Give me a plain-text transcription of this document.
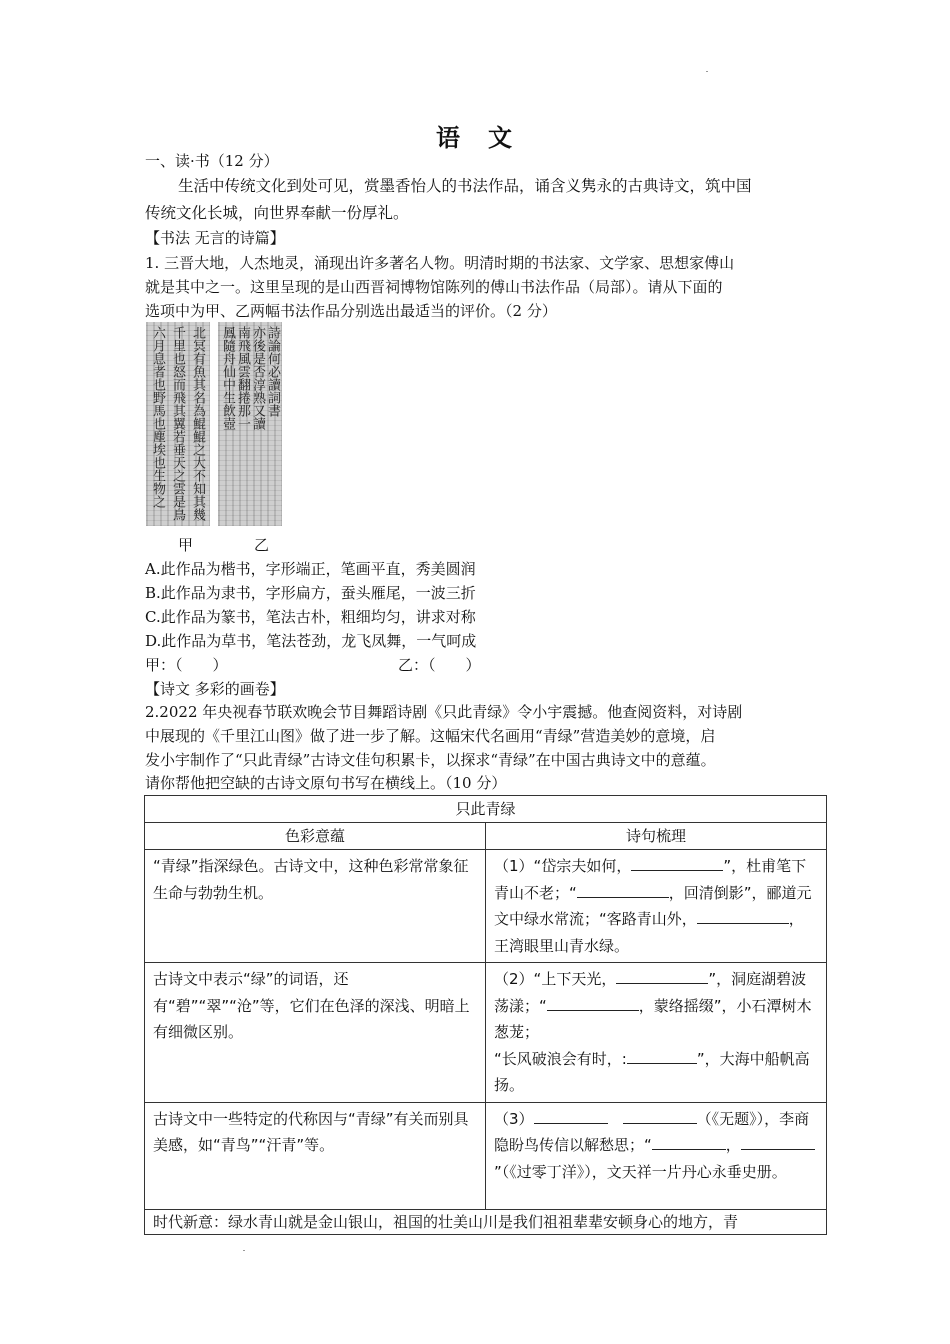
语　文
一、读·书（12 分）
生活中传统文化到处可见，赏墨香怡人的书法作品，诵含义隽永的古典诗文，筑中国
传统文化长城，向世界奉献一份厚礼。
【书法 无言的诗篇】
1. 三晋大地，人杰地灵，涌现出许多著名人物。明清时期的书法家、文学家、思想家傅山
就是其中之一。这里呈现的是山西晋祠博物馆陈列的傅山书法作品（局部）。请从下面的
选项中为甲、乙两幅书法作品分别选出最适当的评价。（2 分）
六月息者也野馬也塵埃也生物之 千里也怒而飛其翼若垂天之雲是鳥 北冥有魚其名為鯤鯤之大不知其幾 鳳隨舟仙中生飲壺 南飛風雲翻捲那一 亦後是否淳熟又讀 詩論何必讀詞書
甲	乙
A.此作品为楷书，字形端正，笔画平直，秀美圆润
B.此作品为隶书，字形扁方，蚕头雁尾，一波三折
C.此作品为篆书，笔法古朴，粗细均匀，讲求对称
D.此作品为草书，笔法苍劲，龙飞凤舞，一气呵成
甲：（　　）	乙：（　　）
【诗文 多彩的画卷】
2.2022 年央视春节联欢晚会节目舞蹈诗剧《只此青绿》令小宇震撼。他查阅资料，对诗剧
中展现的《千里江山图》做了进一步了解。这幅宋代名画用“青绿”营造美妙的意境，启
发小宇制作了“只此青绿”古诗文佳句积累卡，以探求“青绿”在中国古典诗文中的意蕴。
请你帮他把空缺的古诗文原句书写在横线上。（10 分）
只此青绿	
色彩意蕴	诗句梳理
“青绿”指深绿色。古诗文中，这种色彩常常象征生命与勃勃生机。	（1）“岱宗夫如何， ”，杜甫笔下青山不老；“ ，回清倒影”，郦道元文中绿水常流；“客路青山外， ，王湾眼里山青水绿。
古诗文中表示“绿”的词语，还有“碧”“翠”“沧”等，它们在色泽的深浅、明暗上有细微区别。	（2）“上下天光， ”，洞庭湖碧波荡漾；“ ，蒙络摇缀”，小石潭树木葱茏；
“长风破浪会有时，: ”，大海中船帆高扬。
古诗文中一些特定的代称因与“青绿”有关而别具美感，如“青鸟”“汗青”等。	（3）　 （《无题》），李商隐盼鸟传信以解愁思；“ ，”（《过零丁洋》），文天祥一片丹心永垂史册。
时代新意：绿水青山就是金山银山，祖国的壮美山川是我们祖祖辈辈安顿身心的地方，青	
